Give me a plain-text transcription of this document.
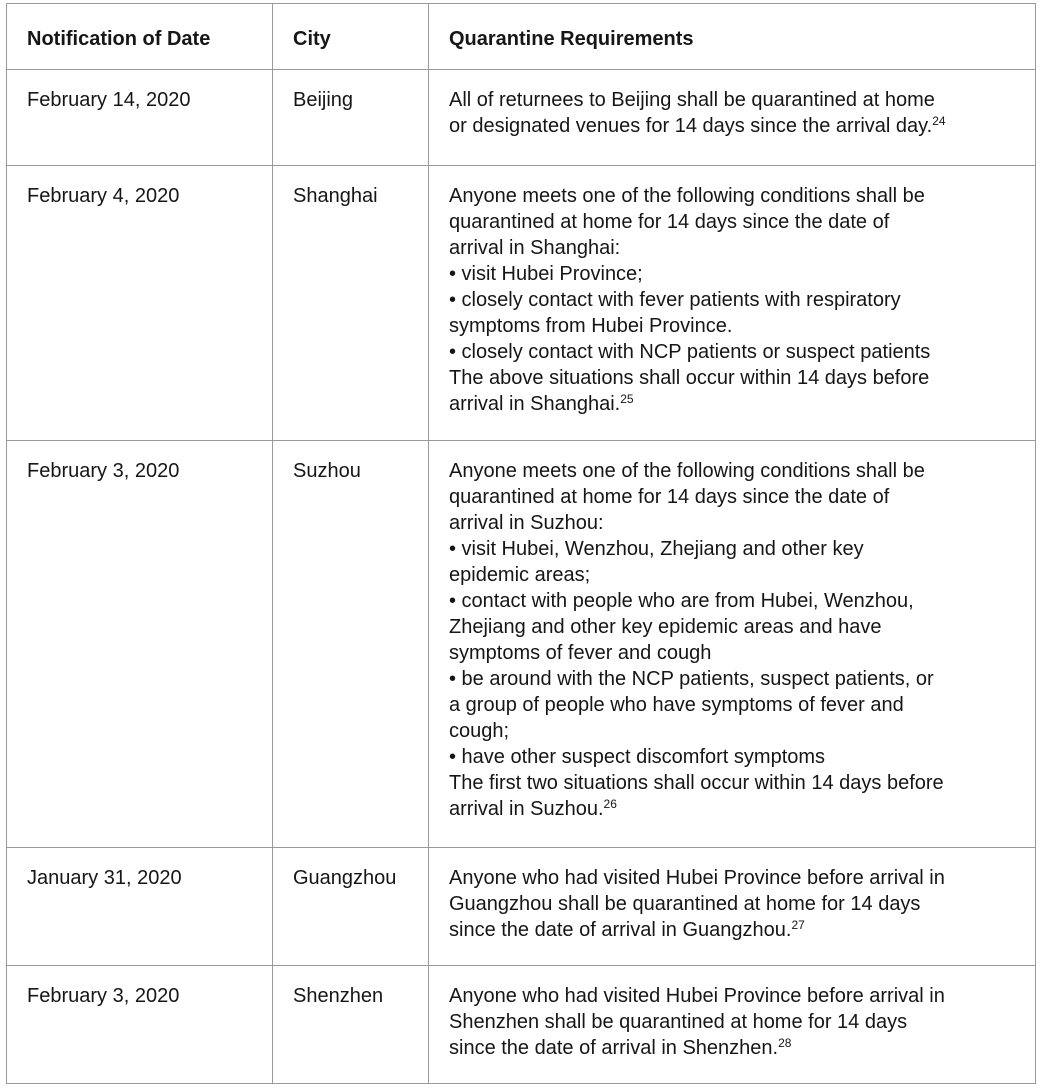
Notification of Date	City	Quarantine Requirements
February 14, 2020	Beijing	All of returnees to Beijing shall be quarantined at home
or designated venues for 14 days since the arrival day.$^{24}$

February 4, 2020	Shanghai	Anyone meets one of the following conditions shall be
quarantined at home for 14 days since the date of
arrival in Shanghai:
• visit Hubei Province;
• closely contact with fever patients with respiratory
symptoms from Hubei Province.
• closely contact with NCP patients or suspect patients
The above situations shall occur within 14 days before
arrival in Shanghai.$^{25}$

February 3, 2020	Suzhou	Anyone meets one of the following conditions shall be
quarantined at home for 14 days since the date of
arrival in Suzhou:
• visit Hubei, Wenzhou, Zhejiang and other key
epidemic areas;
• contact with people who are from Hubei, Wenzhou,
Zhejiang and other key epidemic areas and have
symptoms of fever and cough
• be around with the NCP patients, suspect patients, or
a group of people who have symptoms of fever and
cough;
• have other suspect discomfort symptoms
The first two situations shall occur within 14 days before
arrival in Suzhou.$^{26}$

January 31, 2020	Guangzhou	Anyone who had visited Hubei Province before arrival in
Guangzhou shall be quarantined at home for 14 days
since the date of arrival in Guangzhou.$^{27}$

February 3, 2020	Shenzhen	Anyone who had visited Hubei Province before arrival in
Shenzhen shall be quarantined at home for 14 days
since the date of arrival in Shenzhen.$^{28}$
